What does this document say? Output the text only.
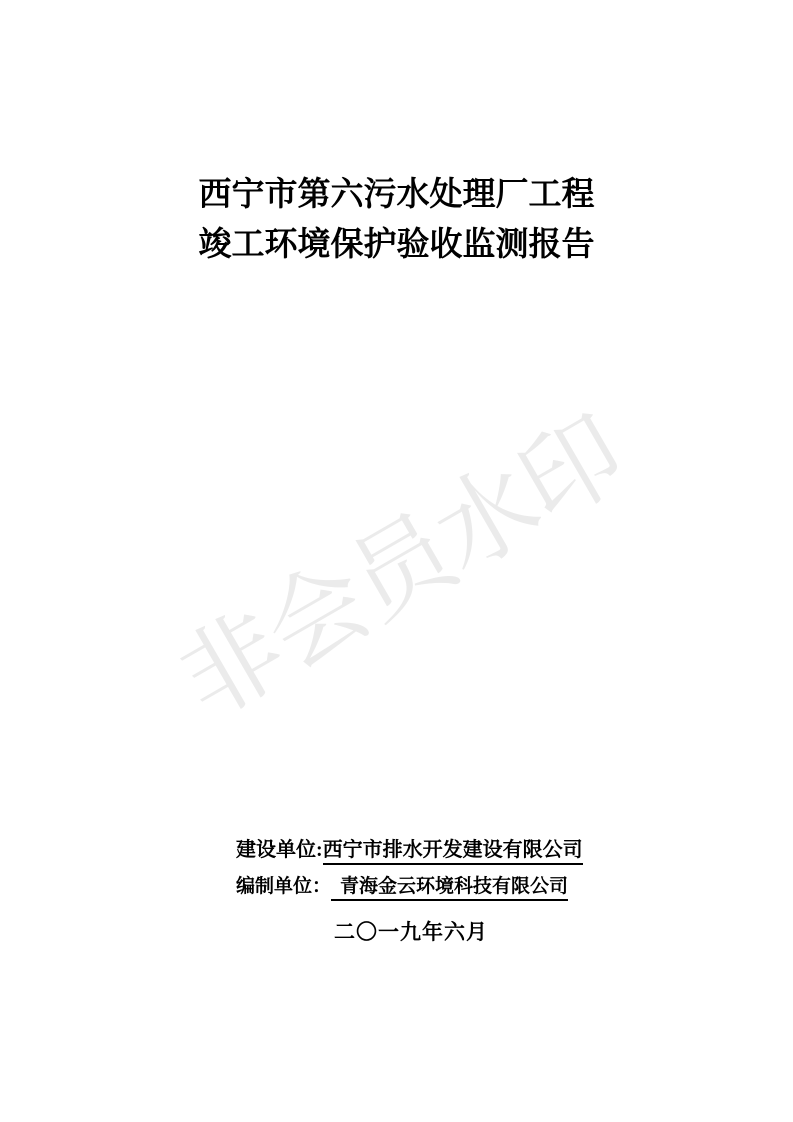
非会员水印
西宁市第六污水处理厂工程
竣工环境保护验收监测报告
建设单位:西宁市排水开发建设有限公司
编制单位： 青海金云环境科技有限公司
二〇一九年六月
